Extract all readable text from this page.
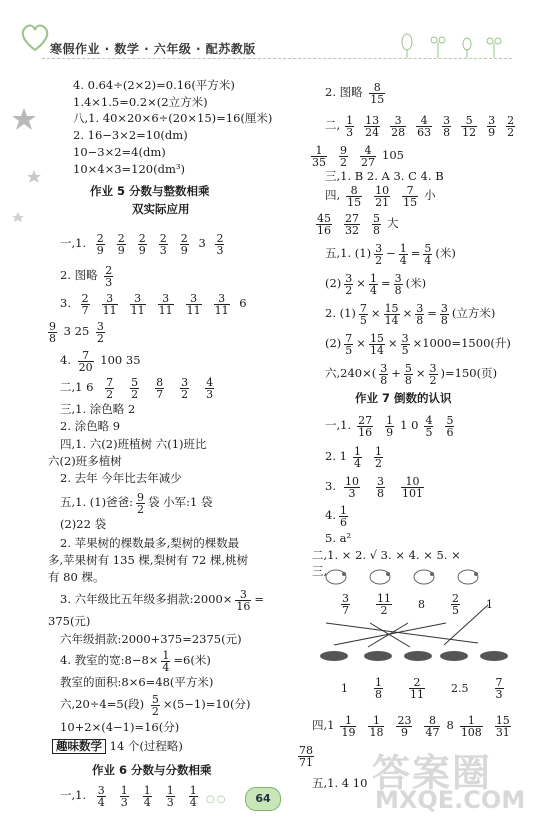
寒假作业 · 数学 · 六年级 · 配苏教版
4. 0.64÷(2×2)=0.16(平方米)
1.4×1.5=0.2×(2立方米)
八,1. 40×20×6÷(20×15)=16(厘米)
2. 16−3×2=10(dm)
10−3×2=4(dm)
10×4×3=120(dm³)
作业 5 分数与整数相乘
双实际应用
一,1. $\frac{2}{9} \frac{2}{9} \frac{2}{9} \frac{2}{3} \frac{2}{9} 3 \frac{2}{3}$
2. 图略 $\frac{2}{3}$
3. $\frac{2}{7} \frac{3}{11} \frac{3}{11} \frac{3}{11} \frac{3}{11} \frac{3}{11} 6$
$\frac{9}{8} 3$ $25 \frac{3}{2}$
4. $\frac{7}{20} 100$ 35
二,1 $6 \frac{7}{2} \frac{5}{2} \frac{8}{7} \frac{3}{2} \frac{4}{3}$
三,1. 涂色略 2
2. 涂色略 9
四,1. 六(2)班植树 六(1)班比
六(2)班多植树
2. 去年 今年比去年减少
五,1. (1)爸爸: $\frac{9}{2}$ 袋 小军:1 袋
(2)22 袋
2. 苹果树的棵数最多,梨树的棵数最
多,苹果树有 135 棵,梨树有 72 棵,桃树
有 80 棵。
3. 六年级比五年级多捐款:2000× $\frac{3}{16}$ =
375(元)
六年级捐款:2000+375=2375(元)
4. 教室的宽:8−8× $\frac{1}{4} =6$(米)
教室的面积:8×6=48(平方米)
六,20÷4=5(段) $\frac{5}{2} \times(5-1)=10$(分)
10+2×(4−1)=16(分)
趣味数学 14 个(过程略)
作业 6 分数与分数相乘
一,1. $\frac{3}{4} \frac{1}{3} \frac{1}{4} \frac{1}{3} \frac{1}{4}$
2. 图略 $\frac{8}{15}$
二, $\frac{1}{3} \frac{13}{24} \frac{3}{28} \frac{4}{63} \frac{3}{8} \frac{5}{12} \frac{3}{9} \frac{2}{2}$
$\frac{1}{35} \frac{9}{2} \frac{4}{27} 105$
三,1. B 2. A 3. C 4. B
四, $\frac{8}{15} \frac{10}{21} \frac{7}{15}$ 小
$\frac{45}{16} \frac{27}{32} \frac{5}{8}$ 大
五,1. $(1) \frac{3}{2} - \frac{1}{4} = \frac{5}{4}$ (米)
$(2) \frac{3}{2} \times \frac{1}{4} = \frac{3}{8}$ (米)
2. $(1) \frac{7}{5} \times \frac{15}{14} \times \frac{3}{8} = \frac{3}{8}$ (立方米)
$(2) \frac{7}{5} \times \frac{15}{14} \times \frac{3}{5} \times 1000=1500$(升)
六$,240\times( \frac{3}{8} + \frac{5}{8} \times \frac{3}{2} )=150$(页)
作业 7 倒数的认识
一,1. $\frac{27}{16} \frac{1}{9} 1$ $0 \frac{4}{5} \frac{5}{6}$
2. $1 \frac{1}{4} \frac{1}{2}$
3. $\frac{10}{3} \frac{3}{8} \frac{10}{101}$
4. $\frac{1}{6}$
5. a²
二,1. × 2. √ 3. × 4. × 5. ×
三,
$\frac{3}{7} \frac{11}{2} 8 \frac{2}{5} 1$
$1 \frac{1}{8} \frac{2}{11} 2.5 \frac{7}{3}$
四$,1 \frac{1}{19} \frac{1}{18} \frac{23}{9} \frac{8}{47} 8 \frac{1}{108} \frac{15}{31}$
$\frac{78}{71}$
五,1. 4 10 答案圈
MXQE.COM
○○	64
